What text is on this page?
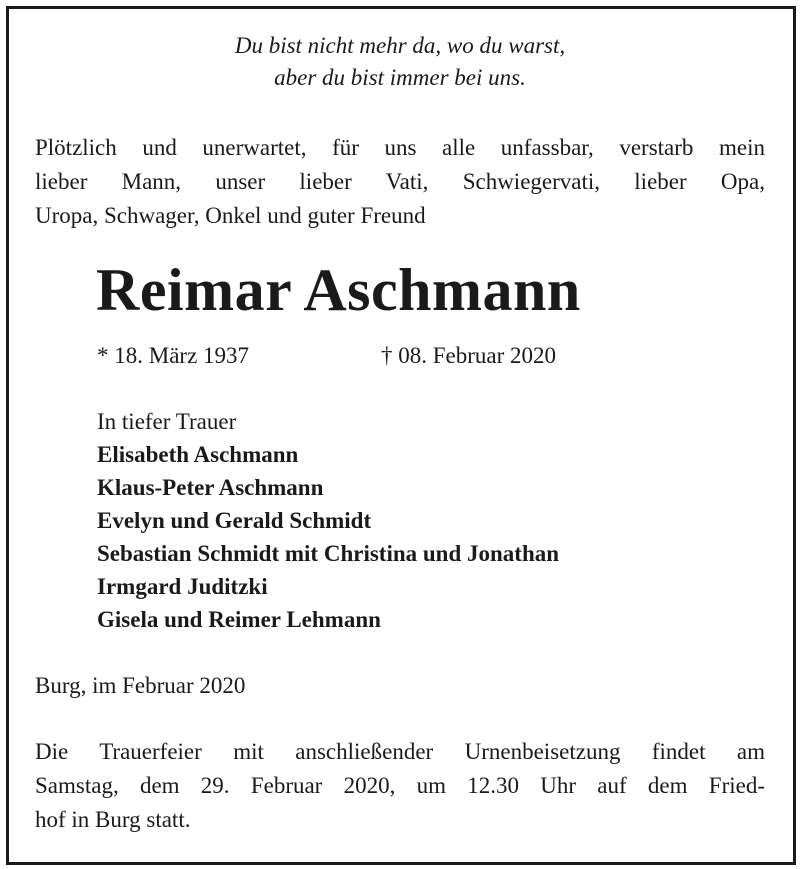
Du bist nicht mehr da, wo du warst,
aber du bist immer bei uns.
Plötzlich und unerwartet, für uns alle unfassbar, verstarb mein
lieber Mann, unser lieber Vati, Schwiegervati, lieber Opa,
Uropa, Schwager, Onkel und guter Freund
Reimar Aschmann
* 18. März 1937	† 08. Februar 2020
In tiefer Trauer
Elisabeth Aschmann
Klaus-Peter Aschmann
Evelyn und Gerald Schmidt
Sebastian Schmidt mit Christina und Jonathan
Irmgard Juditzki
Gisela und Reimer Lehmann
Burg, im Februar 2020
Die Trauerfeier mit anschließender Urnenbeisetzung findet am
Samstag, dem 29. Februar 2020, um 12.30 Uhr auf dem Fried-
hof in Burg statt.
